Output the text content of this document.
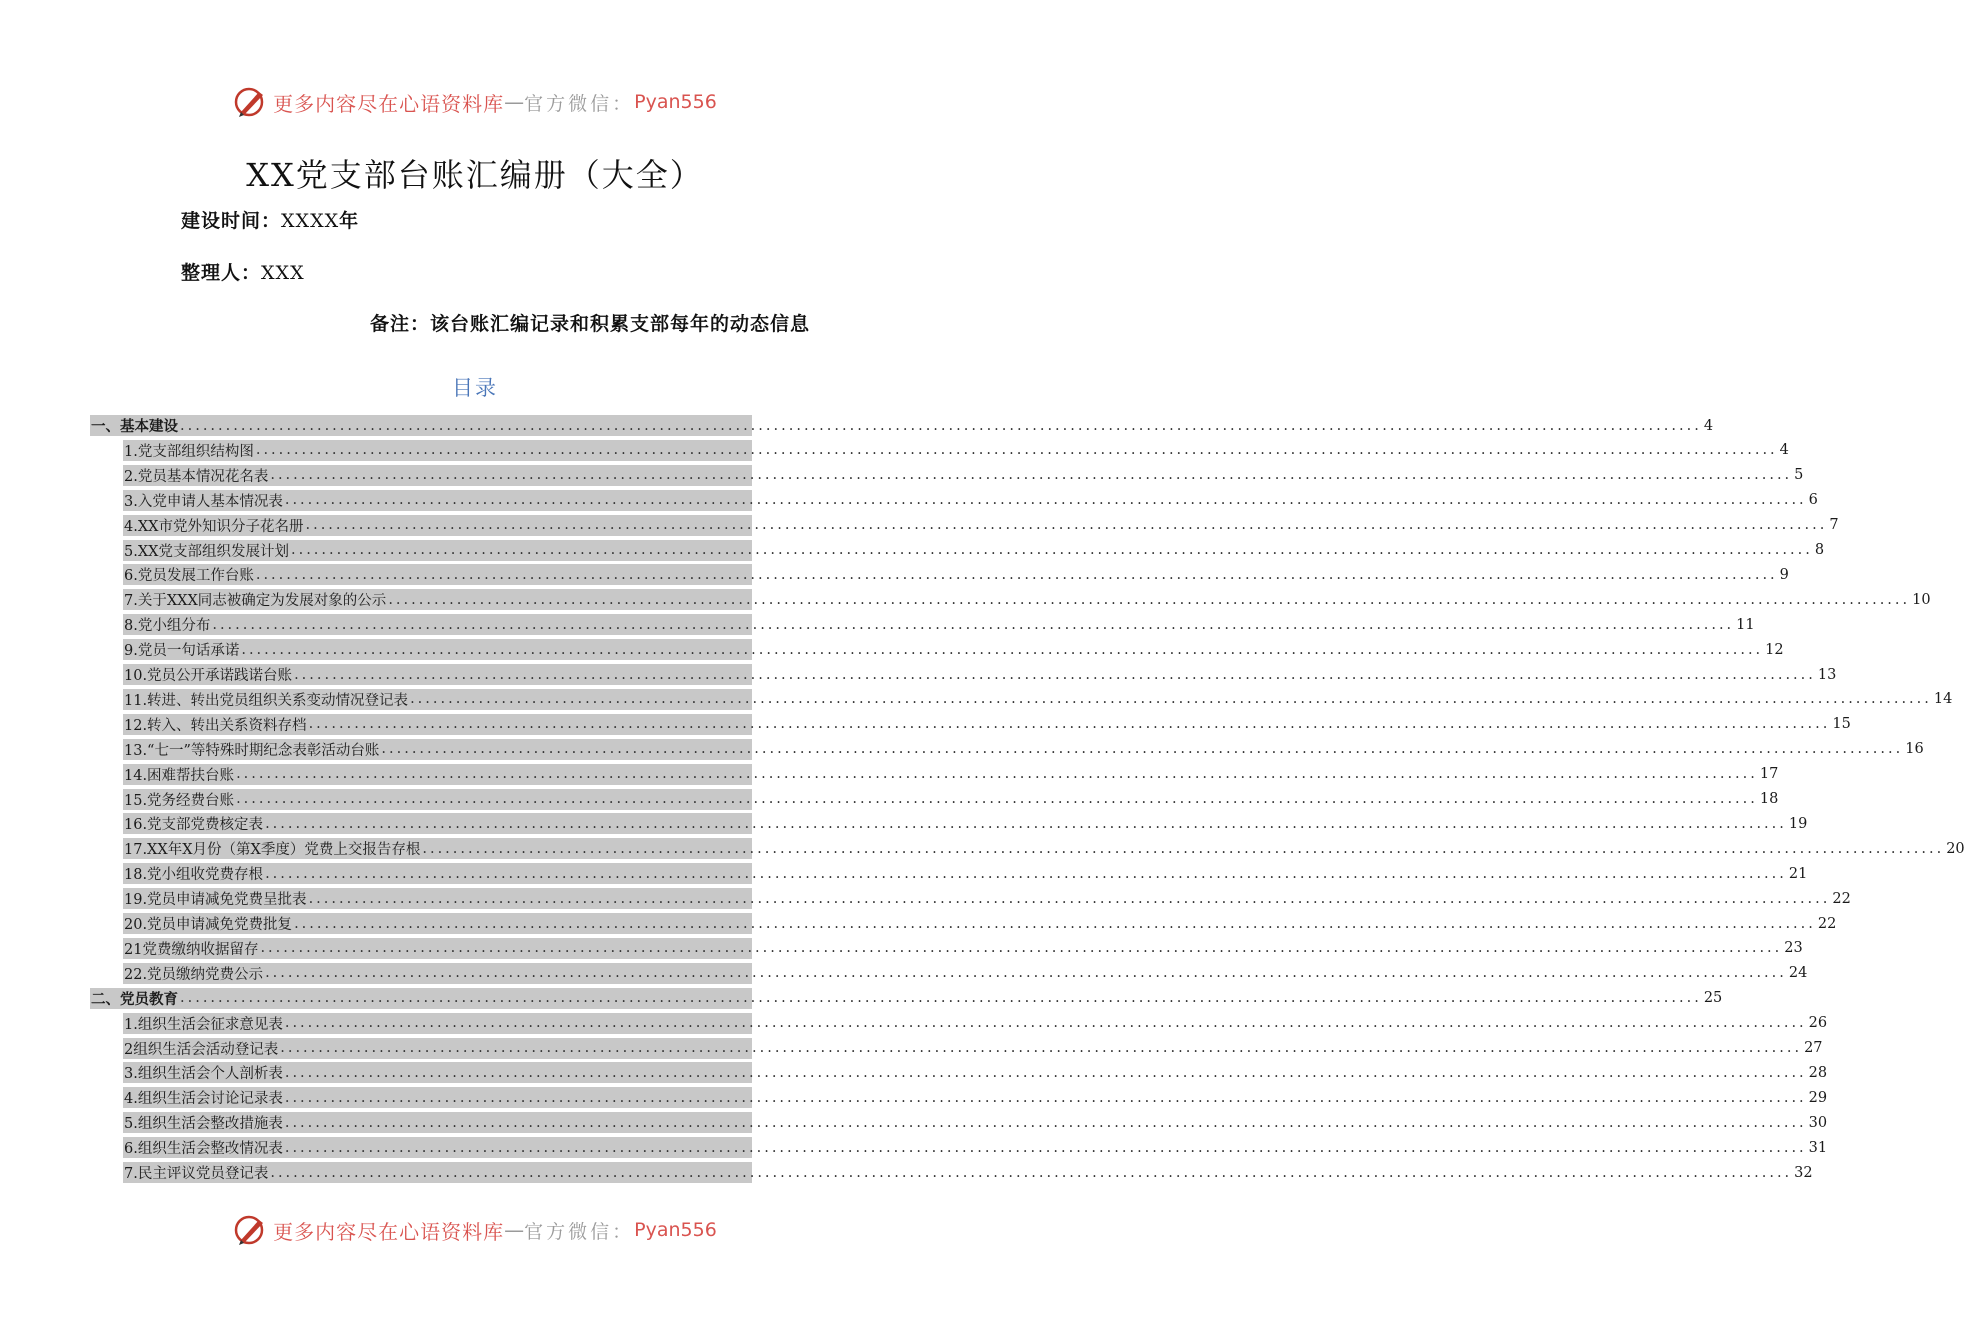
更多内容尽在心语资料库 — 官方微信： Pyan556
XX党支部台账汇编册（大全）
建设时间：XXXX年
整理人：XXX
备注：该台账汇编记录和积累支部每年的动态信息
目录
一、基本建设 ........................................................................................................................................................................................................ 4
1.党支部组织结构图 ........................................................................................................................................................................................................ 4
2.党员基本情况花名表 ........................................................................................................................................................................................................ 5
3.入党申请人基本情况表 ........................................................................................................................................................................................................ 6
4.XX市党外知识分子花名册 ........................................................................................................................................................................................................ 7
5.XX党支部组织发展计划 ........................................................................................................................................................................................................ 8
6.党员发展工作台账 ........................................................................................................................................................................................................ 9
7.关于XXX同志被确定为发展对象的公示 ........................................................................................................................................................................................................ 10
8.党小组分布 ........................................................................................................................................................................................................ 11
9.党员一句话承诺 ........................................................................................................................................................................................................ 12
10.党员公开承诺践诺台账 ........................................................................................................................................................................................................ 13
11.转进、转出党员组织关系变动情况登记表 ........................................................................................................................................................................................................ 14
12.转入、转出关系资料存档 ........................................................................................................................................................................................................ 15
13.“七一”等特殊时期纪念表彰活动台账 ........................................................................................................................................................................................................ 16
14.困难帮扶台账 ........................................................................................................................................................................................................ 17
15.党务经费台账 ........................................................................................................................................................................................................ 18
16.党支部党费核定表 ........................................................................................................................................................................................................ 19
17.XX年X月份（第X季度）党费上交报告存根 ........................................................................................................................................................................................................ 20
18.党小组收党费存根 ........................................................................................................................................................................................................ 21
19.党员申请减免党费呈批表 ........................................................................................................................................................................................................ 22
20.党员申请减免党费批复 ........................................................................................................................................................................................................ 22
21党费缴纳收据留存 ........................................................................................................................................................................................................ 23
22.党员缴纳党费公示 ........................................................................................................................................................................................................ 24
二、党员教育 ........................................................................................................................................................................................................ 25
1.组织生活会征求意见表 ........................................................................................................................................................................................................ 26
2组织生活会活动登记表 ........................................................................................................................................................................................................ 27
3.组织生活会个人剖析表 ........................................................................................................................................................................................................ 28
4.组织生活会讨论记录表 ........................................................................................................................................................................................................ 29
5.组织生活会整改措施表 ........................................................................................................................................................................................................ 30
6.组织生活会整改情况表 ........................................................................................................................................................................................................ 31
7.民主评议党员登记表 ........................................................................................................................................................................................................ 32
更多内容尽在心语资料库 — 官方微信： Pyan556
